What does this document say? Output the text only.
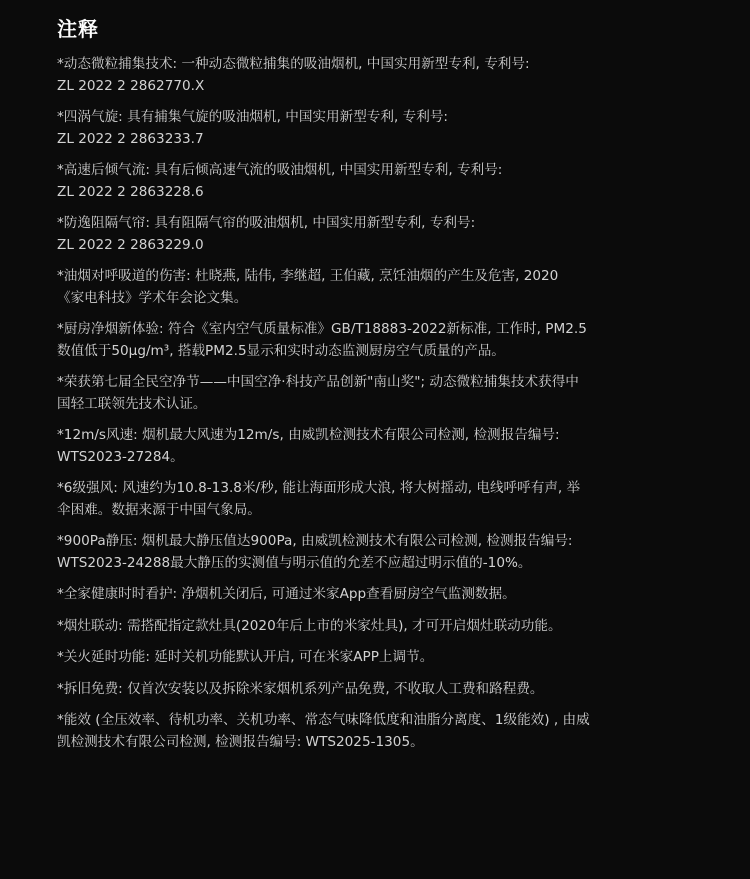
注释
*动态微粒捕集技术: 一种动态微粒捕集的吸油烟机, 中国实用新型专利, 专利号:
ZL 2022 2 2862770.X
*四涡气旋: 具有捕集气旋的吸油烟机, 中国实用新型专利, 专利号:
ZL 2022 2 2863233.7
*高速后倾气流: 具有后倾高速气流的吸油烟机, 中国实用新型专利, 专利号:
ZL 2022 2 2863228.6
*防逸阻隔气帘: 具有阻隔气帘的吸油烟机, 中国实用新型专利, 专利号:
ZL 2022 2 2863229.0
*油烟对呼吸道的伤害: 杜晓燕, 陆伟, 李继超, 王伯藏, 烹饪油烟的产生及危害, 2020
《家电科技》学术年会论文集。
*厨房净烟新体验: 符合《室内空气质量标准》GB/T18883-2022新标准, 工作时, PM2.5
数值低于50μg/m³, 搭载PM2.5显示和实时动态监测厨房空气质量的产品。
*荣获第七届全民空净节——中国空净·科技产品创新"南山奖"; 动态微粒捕集技术获得中
国轻工联领先技术认证。
*12m/s风速: 烟机最大风速为12m/s, 由威凯检测技术有限公司检测, 检测报告编号:
WTS2023-27284。
*6级强风: 风速约为10.8-13.8米/秒, 能让海面形成大浪, 将大树摇动, 电线呼呼有声, 举
伞困难。数据来源于中国气象局。
*900Pa静压: 烟机最大静压值达900Pa, 由威凯检测技术有限公司检测, 检测报告编号:
WTS2023-24288最大静压的实测值与明示值的允差不应超过明示值的-10%。
*全家健康时时看护: 净烟机关闭后, 可通过米家App查看厨房空气监测数据。
*烟灶联动: 需搭配指定款灶具(2020年后上市的米家灶具), 才可开启烟灶联动功能。
*关火延时功能: 延时关机功能默认开启, 可在米家APP上调节。
*拆旧免费: 仅首次安装以及拆除米家烟机系列产品免费, 不收取人工费和路程费。
*能效 (全压效率、待机功率、关机功率、常态气味降低度和油脂分离度、1级能效) , 由威
凯检测技术有限公司检测, 检测报告编号: WTS2025-1305。
